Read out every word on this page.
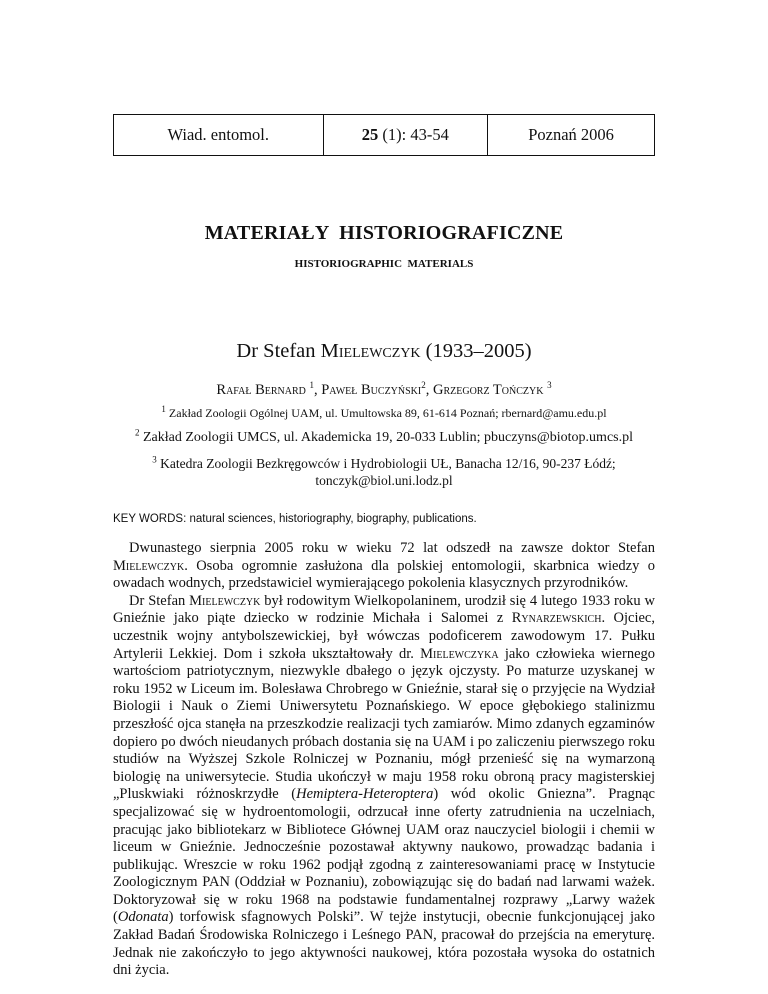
Wiad. entomol.	25 (1): 43-54	Poznań 2006
MATERIAŁY  HISTORIOGRAFICZNE
HISTORIOGRAPHIC  MATERIALS
Dr Stefan Mielewczyk (1933–2005)
Rafał Bernard $^1$, Paweł Buczyński$^2$, Grzegorz Tończyk $^3$
$^1$ Zakład Zoologii Ogólnej UAM, ul. Umultowska 89, 61-614 Poznań; rbernard@amu.edu.pl
$^2$ Zakład Zoologii UMCS, ul. Akademicka 19, 20-033 Lublin; pbuczyns@biotop.umcs.pl
$^3$ Katedra Zoologii Bezkręgowców i Hydrobiologii UŁ, Banacha 12/16, 90-237 Łódź;
tonczyk@biol.uni.lodz.pl
KEY WORDS: natural sciences, historiography, biography, publications.

Dwunastego sierpnia 2005 roku w wieku 72 lat odszedł na zawsze doktor Stefan Mielewczyk. Osoba ogromnie zasłużona dla polskiej entomologii, skarbnica wiedzy o owadach wodnych, przedstawiciel wymierającego pokolenia klasycznych przyrodników.

Dr Stefan Mielewczyk był rodowitym Wielkopolaninem, urodził się 4 lutego 1933 roku w Gnieźnie jako piąte dziecko w rodzinie Michała i Salomei z Rynarzewskich. Ojciec, uczestnik wojny antybolszewickiej, był wówczas podoficerem zawodowym 17. Pułku Artylerii Lekkiej. Dom i szkoła ukształtowały dr. Mielewczyka jako człowieka wiernego wartościom patriotycznym, niezwykle dbałego o język ojczysty. Po maturze uzyskanej w roku 1952 w Liceum im. Bolesława Chrobrego w Gnieźnie, starał się o przyjęcie na Wydział Biologii i Nauk o Ziemi Uniwersytetu Poznańskiego. W epoce głębokiego stalinizmu przeszłość ojca stanęła na przeszkodzie realizacji tych zamiarów. Mimo zdanych egzaminów dopiero po dwóch nieudanych próbach dostania się na UAM i po zaliczeniu pierwszego roku studiów na Wyższej Szkole Rolniczej w Poznaniu, mógł przenieść się na wymarzoną biologię na uniwersytecie. Studia ukończył w maju 1958 roku obroną pracy magisterskiej „Pluskwiaki różnoskrzydłe (Hemiptera-Heteroptera) wód okolic Gniezna”. Pragnąc specjalizować się w hydroentomologii, odrzucał inne oferty zatrudnienia na uczelniach, pracując jako bibliotekarz w Bibliotece Głównej UAM oraz nauczyciel biologii i chemii w liceum w Gnieźnie. Jednocześnie pozostawał aktywny naukowo, prowadząc badania i publikując. Wreszcie w roku 1962 podjął zgodną z zainteresowaniami pracę w Instytucie Zoologicznym PAN (Oddział w Poznaniu), zobowiązując się do badań nad larwami ważek. Doktoryzował się w roku 1968 na podstawie fundamentalnej rozprawy „Larwy ważek (Odonata) torfowisk sfagnowych Polski”. W tejże instytucji, obecnie funkcjonującej jako Zakład Badań Środowiska Rolniczego i Leśnego PAN, pracował do przejścia na emeryturę. Jednak nie zakończyło to jego aktywności naukowej, która pozostała wysoka do ostatnich dni życia.
